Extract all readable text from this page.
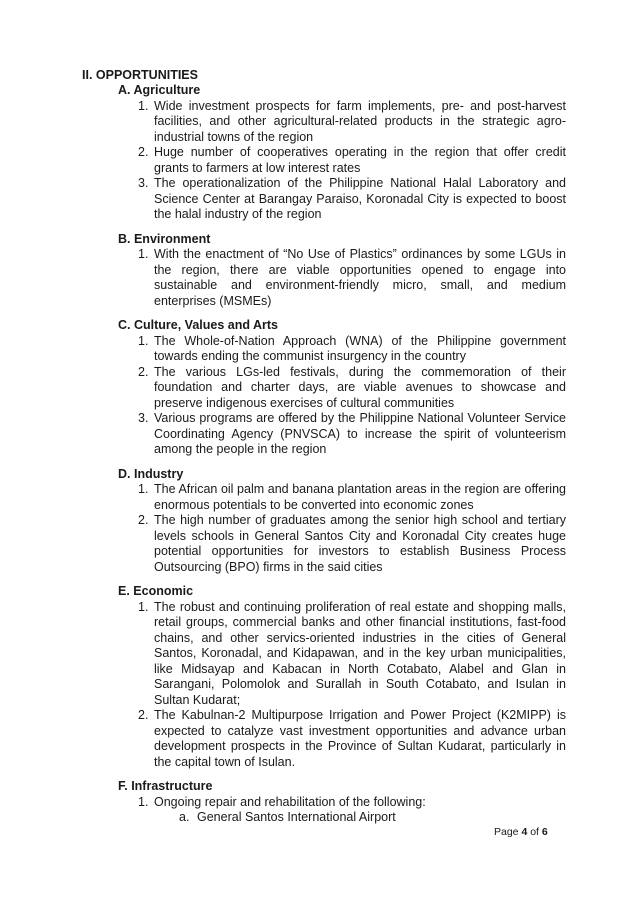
II. OPPORTUNITIES

A. Agriculture
1. Wide investment prospects for farm implements, pre- and post-harvest facilities, and other agricultural-related products in the strategic agro-industrial towns of the region
2. Huge number of cooperatives operating in the region that offer credit grants to farmers at low interest rates
3. The operationalization of the Philippine National Halal Laboratory and Science Center at Barangay Paraiso, Koronadal City is expected to boost the halal industry of the region
B. Environment
1. With the enactment of “No Use of Plastics” ordinances by some LGUs in the region, there are viable opportunities opened to engage into sustainable and environment-friendly micro, small, and medium enterprises (MSMEs)
C. Culture, Values and Arts
1. The Whole-of-Nation Approach (WNA) of the Philippine government towards ending the communist insurgency in the country
2. The various LGs-led festivals, during the commemoration of their foundation and charter days, are viable avenues to showcase and preserve indigenous exercises of cultural communities
3. Various programs are offered by the Philippine National Volunteer Service Coordinating Agency (PNVSCA) to increase the spirit of volunteerism among the people in the region
D. Industry
1. The African oil palm and banana plantation areas in the region are offering enormous potentials to be converted into economic zones
2. The high number of graduates among the senior high school and tertiary levels schools in General Santos City and Koronadal City creates huge potential opportunities for investors to establish Business Process Outsourcing (BPO) firms in the said cities
E. Economic
1. The robust and continuing proliferation of real estate and shopping malls, retail groups, commercial banks and other financial institutions, fast-food chains, and other servics-oriented industries in the cities of General Santos, Koronadal, and Kidapawan, and in the key urban municipalities, like Midsayap and Kabacan in North Cotabato, Alabel and Glan in Sarangani, Polomolok and Surallah in South Cotabato, and Isulan in Sultan Kudarat;
2. The Kabulnan-2 Multipurpose Irrigation and Power Project (K2MIPP) is expected to catalyze vast investment opportunities and advance urban development prospects in the Province of Sultan Kudarat, particularly in the capital town of Isulan.
F. Infrastructure
1. Ongoing repair and rehabilitation of the following:
a. General Santos International Airport
Page 4 of 6
